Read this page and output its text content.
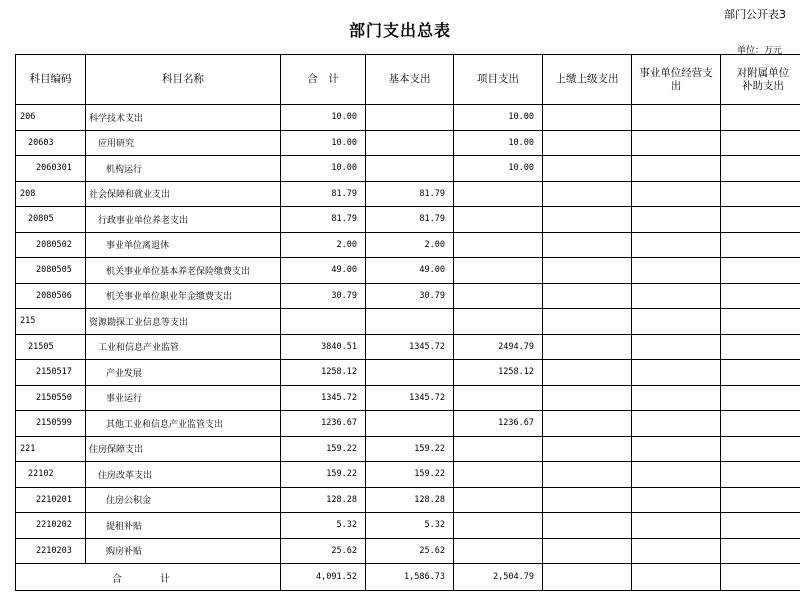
部门公开表3
部门支出总表
单位：万元
科目编码	科目名称	合　计	基本支出	项目支出	上缴上级支出	事业单位经营支出	对附属单位
补助支出
206	科学技术支出	10.00		10.00			
20603	应用研究	10.00		10.00			
2060301	机构运行	10.00		10.00			
208	社会保障和就业支出	81.79	81.79				
20805	行政事业单位养老支出	81.79	81.79				
2080502	事业单位离退休	2.00	2.00				
2080505	机关事业单位基本养老保险缴费支出	49.00	49.00				
2080506	机关事业单位职业年金缴费支出	30.79	30.79				
215	资源勘探工业信息等支出						
21505	工业和信息产业监管	3840.51	1345.72	2494.79			
2150517	产业发展	1258.12		1258.12			
2150550	事业运行	1345.72	1345.72				
2150599	其他工业和信息产业监管支出	1236.67		1236.67			
221	住房保障支出	159.22	159.22				
22102	住房改革支出	159.22	159.22				
2210201	住房公积金	128.28	128.28				
2210202	提租补贴	5.32	5.32				
2210203	购房补贴	25.62	25.62				
合　计		4,091.52	1,586.73	2,504.79			
